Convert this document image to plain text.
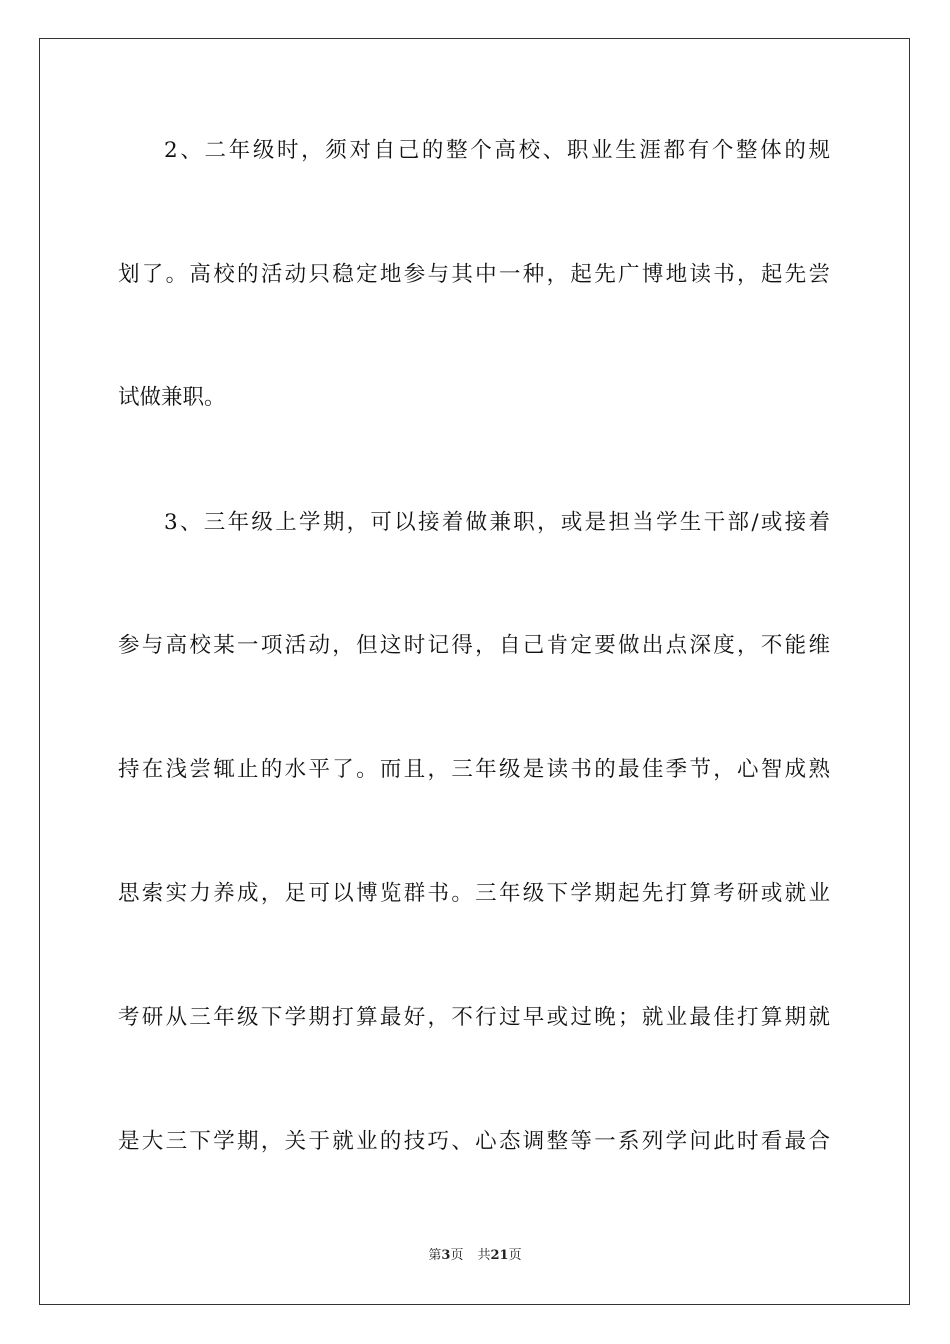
2、二年级时，须对自己的整个高校、职业生涯都有个整体的规
划了。高校的活动只稳定地参与其中一种，起先广博地读书，起先尝
试做兼职。
3、三年级上学期，可以接着做兼职，或是担当学生干部/或接着
参与高校某一项活动，但这时记得，自己肯定要做出点深度，不能维
持在浅尝辄止的水平了。而且，三年级是读书的最佳季节，心智成熟
思索实力养成，足可以博览群书。三年级下学期起先打算考研或就业
考研从三年级下学期打算最好，不行过早或过晚；就业最佳打算期就
是大三下学期，关于就业的技巧、心态调整等一系列学问此时看最合
第3页 共21页
